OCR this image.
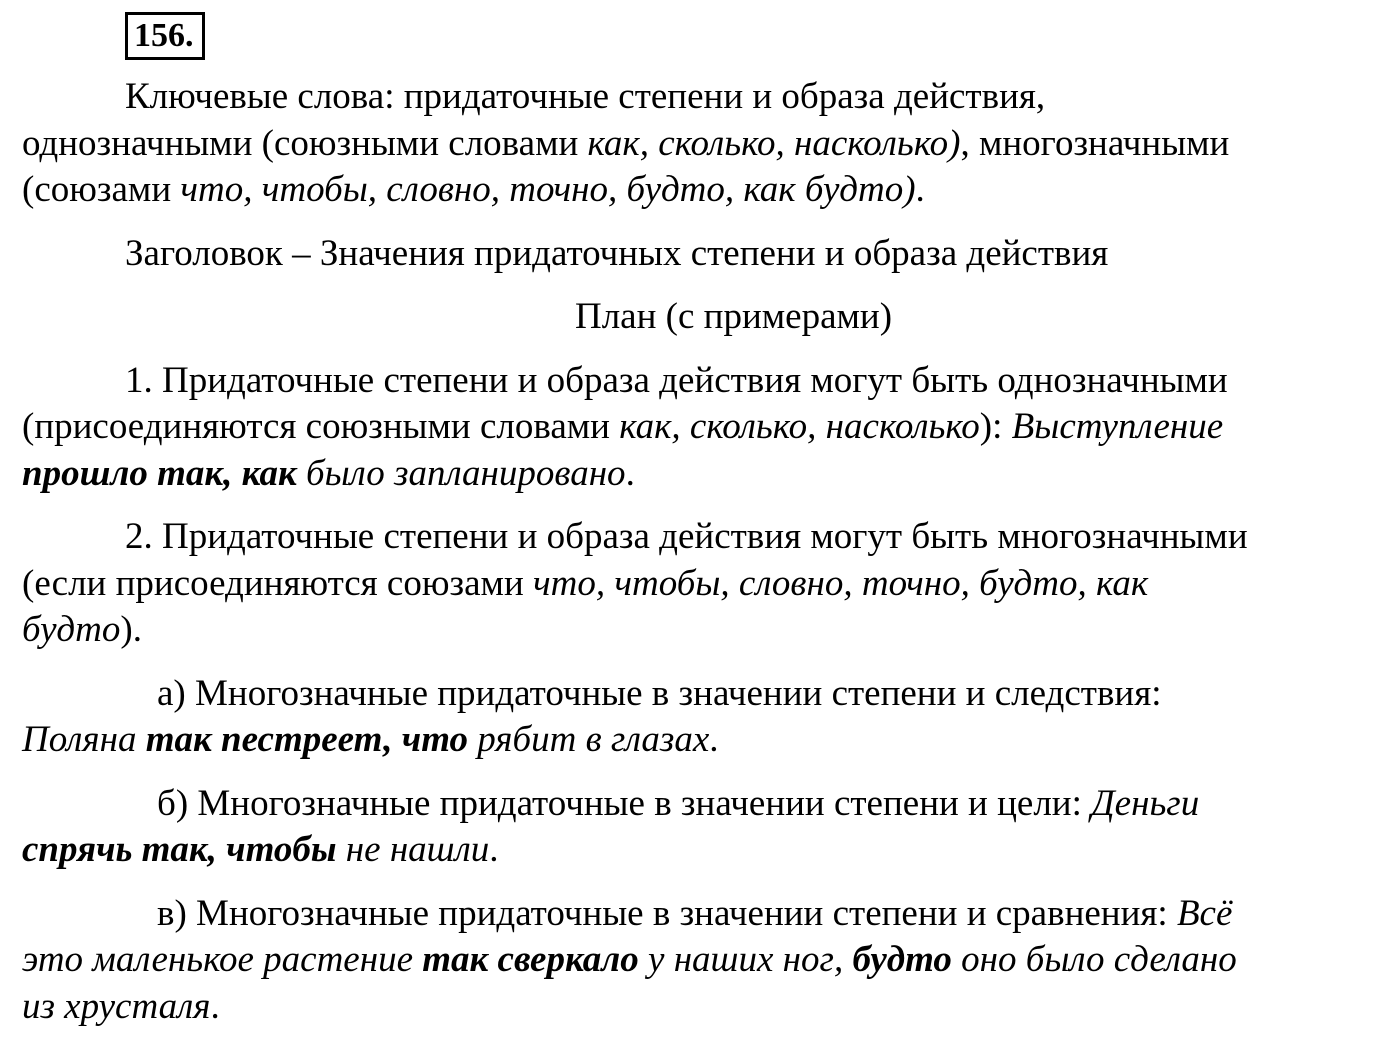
156.

Ключевые слова: придаточные степени и образа действия,
однозначными (союзными словами как, сколько, насколько), многозначными
(союзами что, чтобы, словно, точно, будто, как будто).

Заголовок – Значения придаточных степени и образа действия

План (с примерами)

1. Придаточные степени и образа действия могут быть однозначными
(присоединяются союзными словами как, сколько, насколько): Выступление
прошло так, как было запланировано.

2. Придаточные степени и образа действия могут быть многозначными
(если присоединяются союзами что, чтобы, словно, точно, будто, как
будто).

а) Многозначные придаточные в значении степени и следствия:
Поляна так пестреет, что рябит в глазах.

б) Многозначные придаточные в значении степени и цели: Деньги
спрячь так, чтобы не нашли.

в) Многозначные придаточные в значении степени и сравнения: Всё
это маленькое растение так сверкало у наших ног, будто оно было сделано
из хрусталя.
